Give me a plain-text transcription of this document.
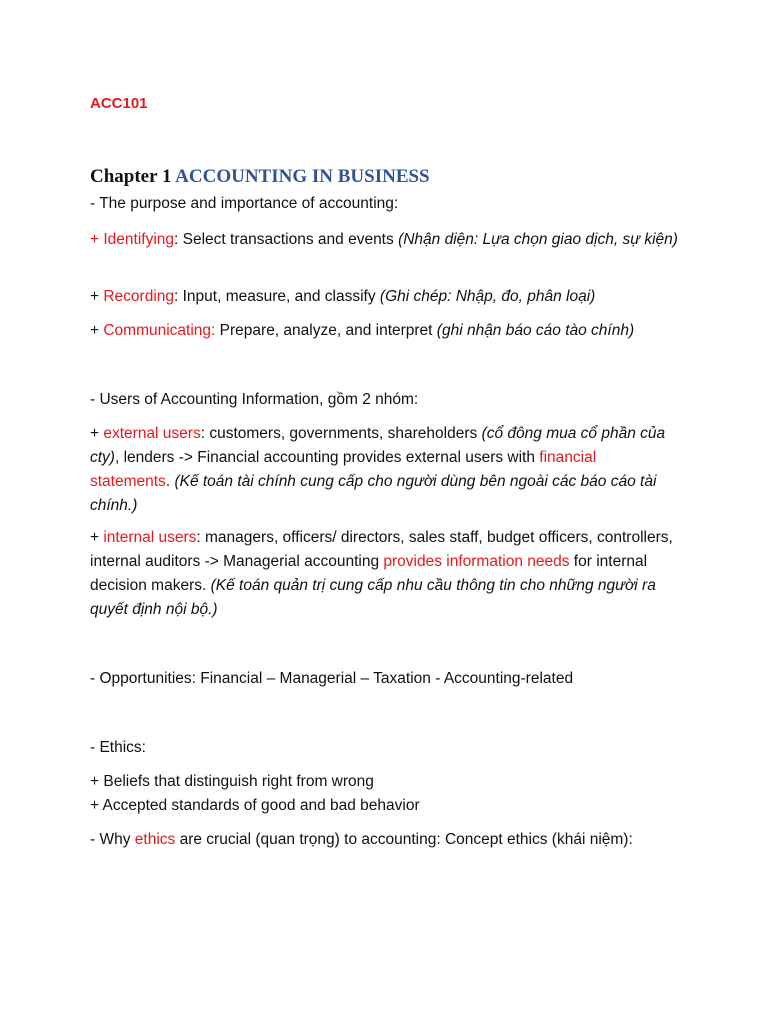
ACC101
Chapter 1 ACCOUNTING IN BUSINESS
- The purpose and importance of accounting:
+ Identifying: Select transactions and events (Nhận diện: Lựa chọn giao dịch, sự kiện)
+ Recording: Input, measure, and classify (Ghi chép: Nhập, đo, phân loại)
+ Communicating: Prepare, analyze, and interpret (ghi nhận báo cáo tào chính)
- Users of Accounting Information, gồm 2 nhóm:
+ external users: customers, governments, shareholders (cổ đông mua cổ phần của cty), lenders -> Financial accounting provides external users with financial statements. (Kế toán tài chính cung cấp cho người dùng bên ngoài các báo cáo tài chính.)
+ internal users: managers, officers/ directors, sales staff, budget officers, controllers, internal auditors -> Managerial accounting provides information needs for internal decision makers. (Kế toán quản trị cung cấp nhu cầu thông tin cho những người ra quyết định nội bộ.)
- Opportunities: Financial – Managerial – Taxation - Accounting-related
- Ethics:
+ Beliefs that distinguish right from wrong
+ Accepted standards of good and bad behavior
- Why ethics are crucial (quan trọng) to accounting: Concept ethics (khái niệm):
